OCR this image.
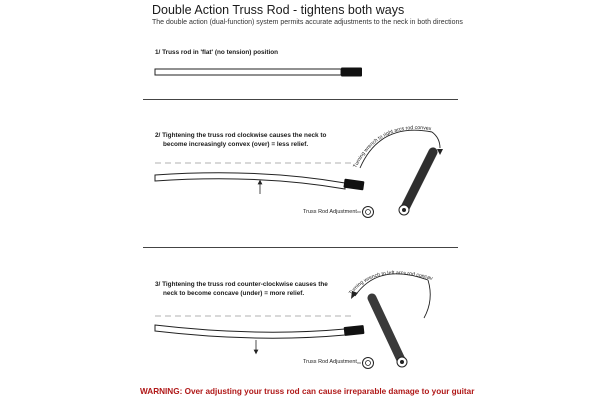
Double Action Truss Rod - tightens both ways
The double action (dual-function) system permits accurate adjustments to the neck in both directions
1/ Truss rod in 'flat' (no tension) position
2/ Tightening the truss rod clockwise causes the neck to
become increasingly convex (over) = less relief.
3/ Tightening the truss rod counter-clockwise causes the
neck to become concave (under) = more relief.
Truss Rod Adjustment
Truss Rod Adjustment
Turning wrench to right arcs rod convex
Turning wrench to left arcs rod concav
WARNING: Over adjusting your truss rod can cause irreparable damage to your guitar
